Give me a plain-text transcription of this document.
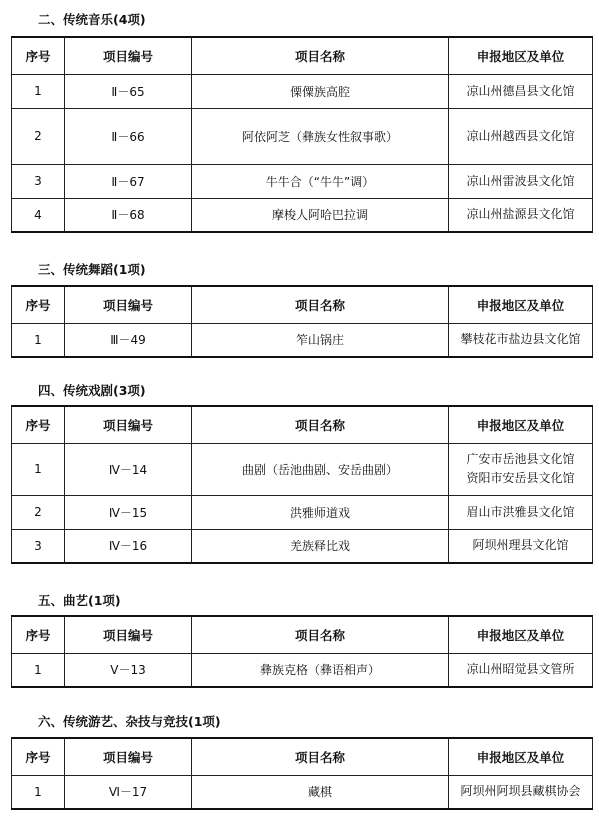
二、传统音乐(4项)
序号	项目编号	项目名称	申报地区及单位
1	Ⅱ－65	傈僳族高腔	凉山州德昌县文化馆

2	Ⅱ－66	阿依阿芝（彝族女性叙事歌）	凉山州越西县文化馆

3	Ⅱ－67	牛牛合（“牛牛”调）	凉山州雷波县文化馆

4	Ⅱ－68	摩梭人阿哈巴拉调	凉山州盐源县文化馆
三、传统舞蹈(1项)
序号	项目编号	项目名称	申报地区及单位
1	Ⅲ－49	笮山锅庄	攀枝花市盐边县文化馆
四、传统戏剧(3项)
序号	项目编号	项目名称	申报地区及单位
1	Ⅳ－14	曲剧（岳池曲剧、安岳曲剧）	广安市岳池县文化馆
资阳市安岳县文化馆

2	Ⅳ－15	洪雅师道戏	眉山市洪雅县文化馆

3	Ⅳ－16	羌族释比戏	阿坝州理县文化馆
五、曲艺(1项)
序号	项目编号	项目名称	申报地区及单位
1	Ⅴ－13	彝族克格（彝语相声）	凉山州昭觉县文管所
六、传统游艺、杂技与竞技(1项)
序号	项目编号	项目名称	申报地区及单位
1	Ⅵ－17	藏棋	阿坝州阿坝县藏棋协会
